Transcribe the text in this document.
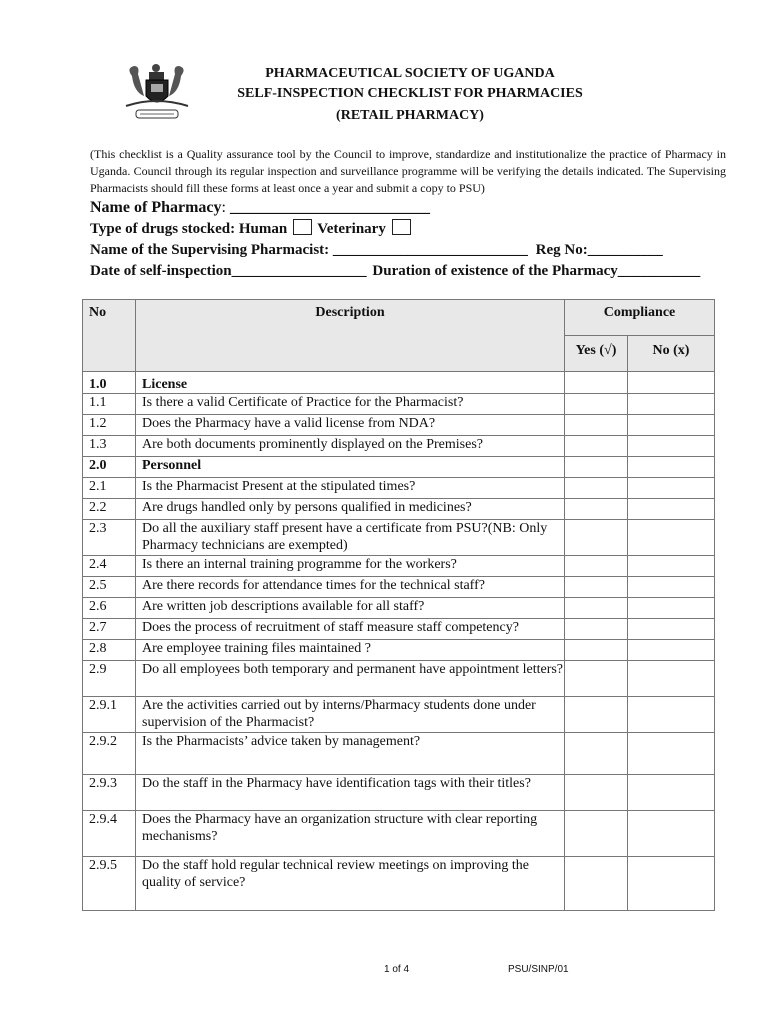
PHARMACEUTICAL SOCIETY OF UGANDA
SELF-INSPECTION CHECKLIST FOR PHARMACIES
(RETAIL PHARMACY)
(This checklist is a Quality assurance tool by the Council to improve, standardize and institutionalize the practice of Pharmacy in Uganda. Council through its regular inspection and surveillance programme will be verifying the details indicated. The Supervising Pharmacists should fill these forms at least once a year and submit a copy to PSU)
Name of Pharmacy: _________________________
Type of drugs stocked: Human Veterinary
Name of the Supervising Pharmacist: __________________________ Reg No:__________
Date of self-inspection__________________ Duration of existence of the Pharmacy___________
No	Description	Compliance	
		Yes (√)	No (x)
1.0	License		
1.1	Is there a valid Certificate of Practice for the Pharmacist?		
1.2	Does the Pharmacy have a valid license from NDA?		
1.3	Are both documents prominently displayed on the Premises?		
2.0	Personnel		
2.1	Is the Pharmacist Present at the stipulated times?		
2.2	Are drugs handled only by persons qualified in medicines?		
2.3	Do all the auxiliary staff present have a certificate from PSU?(NB: Only Pharmacy technicians are exempted)		
2.4	Is there an internal training programme for the workers?		
2.5	Are there records for attendance times for the technical staff?		
2.6	Are written job descriptions available for all staff?		
2.7	Does the process of recruitment of staff measure staff competency?		
2.8	Are employee training files maintained ?		
2.9	Do all employees both temporary and permanent have appointment letters?		
2.9.1	Are the activities carried out by interns/Pharmacy students done under supervision of the Pharmacist?		
2.9.2	Is the Pharmacists’ advice taken by management?		
2.9.3	Do the staff in the Pharmacy have identification tags with their titles?		
2.9.4	Does the Pharmacy have an organization structure with clear reporting mechanisms?		
2.9.5	Do the staff hold regular technical review meetings on improving the quality of service?		
1 of 4	PSU/SINP/01
